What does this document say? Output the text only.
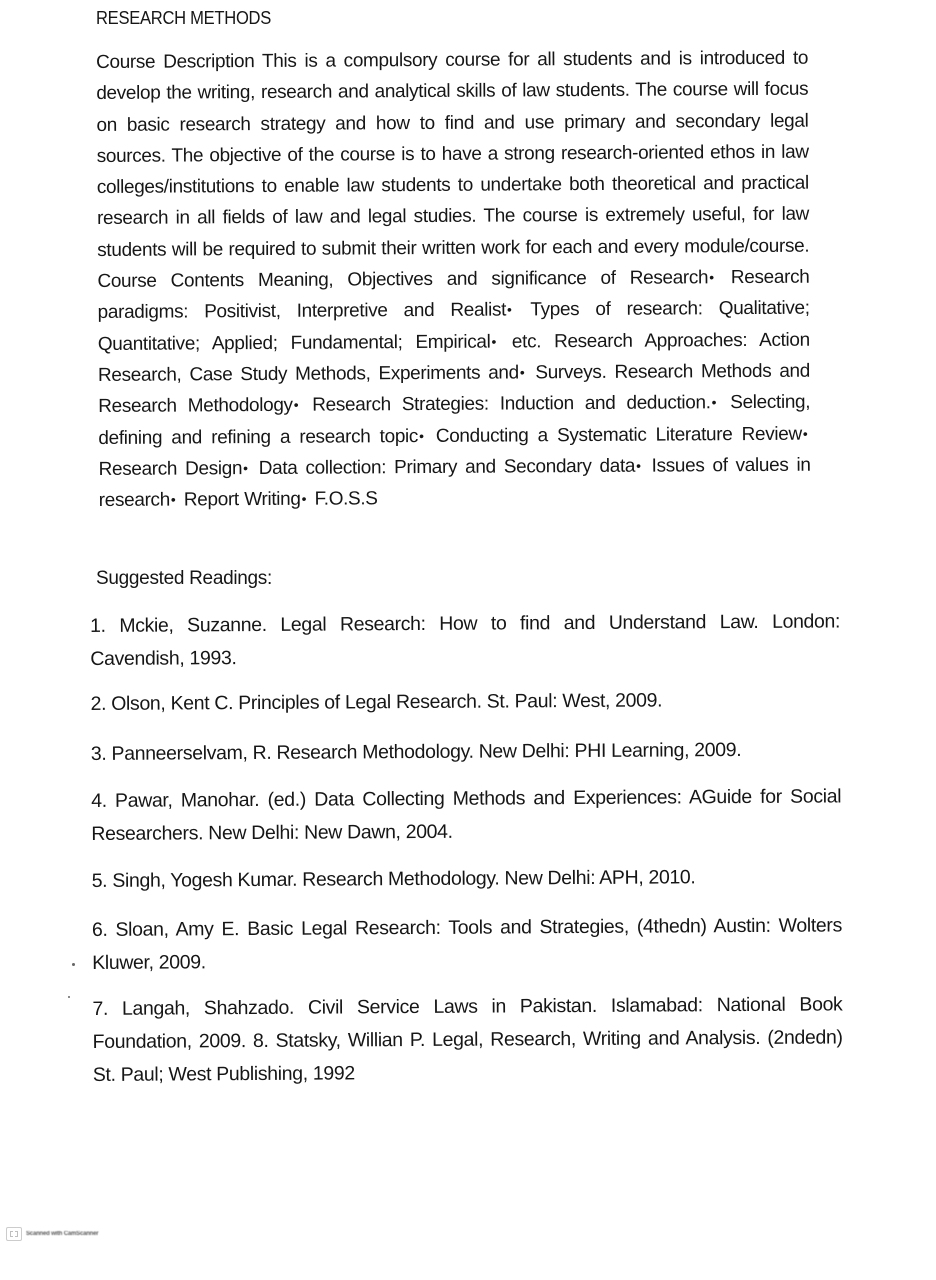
RESEARCH METHODS

Course Description This is a compulsory course for all students and is introduced to develop the writing, research and analytical skills of law students. The course will focus on basic research strategy and how to find and use primary and secondary legal sources. The objective of the course is to have a strong research-oriented ethos in law colleges/institutions to enable law students to undertake both theoretical and practical research in all fields of law and legal studies. The course is extremely useful, for law students will be required to submit their written work for each and every module/course. Course Contents Meaning, Objectives and significance of Research• Research paradigms: Positivist, Interpretive and Realist• Types of research: Qualitative; Quantitative; Applied; Fundamental; Empirical• etc. Research Approaches: Action Research, Case Study Methods, Experiments and• Surveys. Research Methods and Research Methodology• Research Strategies: Induction and deduction.• Selecting, defining and refining a research topic• Conducting a Systematic Literature Review• Research Design• Data collection: Primary and Secondary data• Issues of values in research• Report Writing• F.O.S.S

Suggested Readings:
1. Mckie, Suzanne. Legal Research: How to find and Understand Law. London: Cavendish, 1993.
2. Olson, Kent C. Principles of Legal Research. St. Paul: West, 2009.
3. Panneerselvam, R. Research Methodology. New Delhi: PHI Learning, 2009.
4. Pawar, Manohar. (ed.) Data Collecting Methods and Experiences: AGuide for Social Researchers. New Delhi: New Dawn, 2004.
5. Singh, Yogesh Kumar. Research Methodology. New Delhi: APH, 2010.
6. Sloan, Amy E. Basic Legal Research: Tools and Strategies, (4thedn) Austin: Wolters Kluwer, 2009.
7. Langah, Shahzado. Civil Service Laws in Pakistan. Islamabad: National Book Foundation, 2009. 8. Statsky, Willian P. Legal, Research, Writing and Analysis. (2ndedn) St. Paul; West Publishing, 1992
Scanned with CamScanner
